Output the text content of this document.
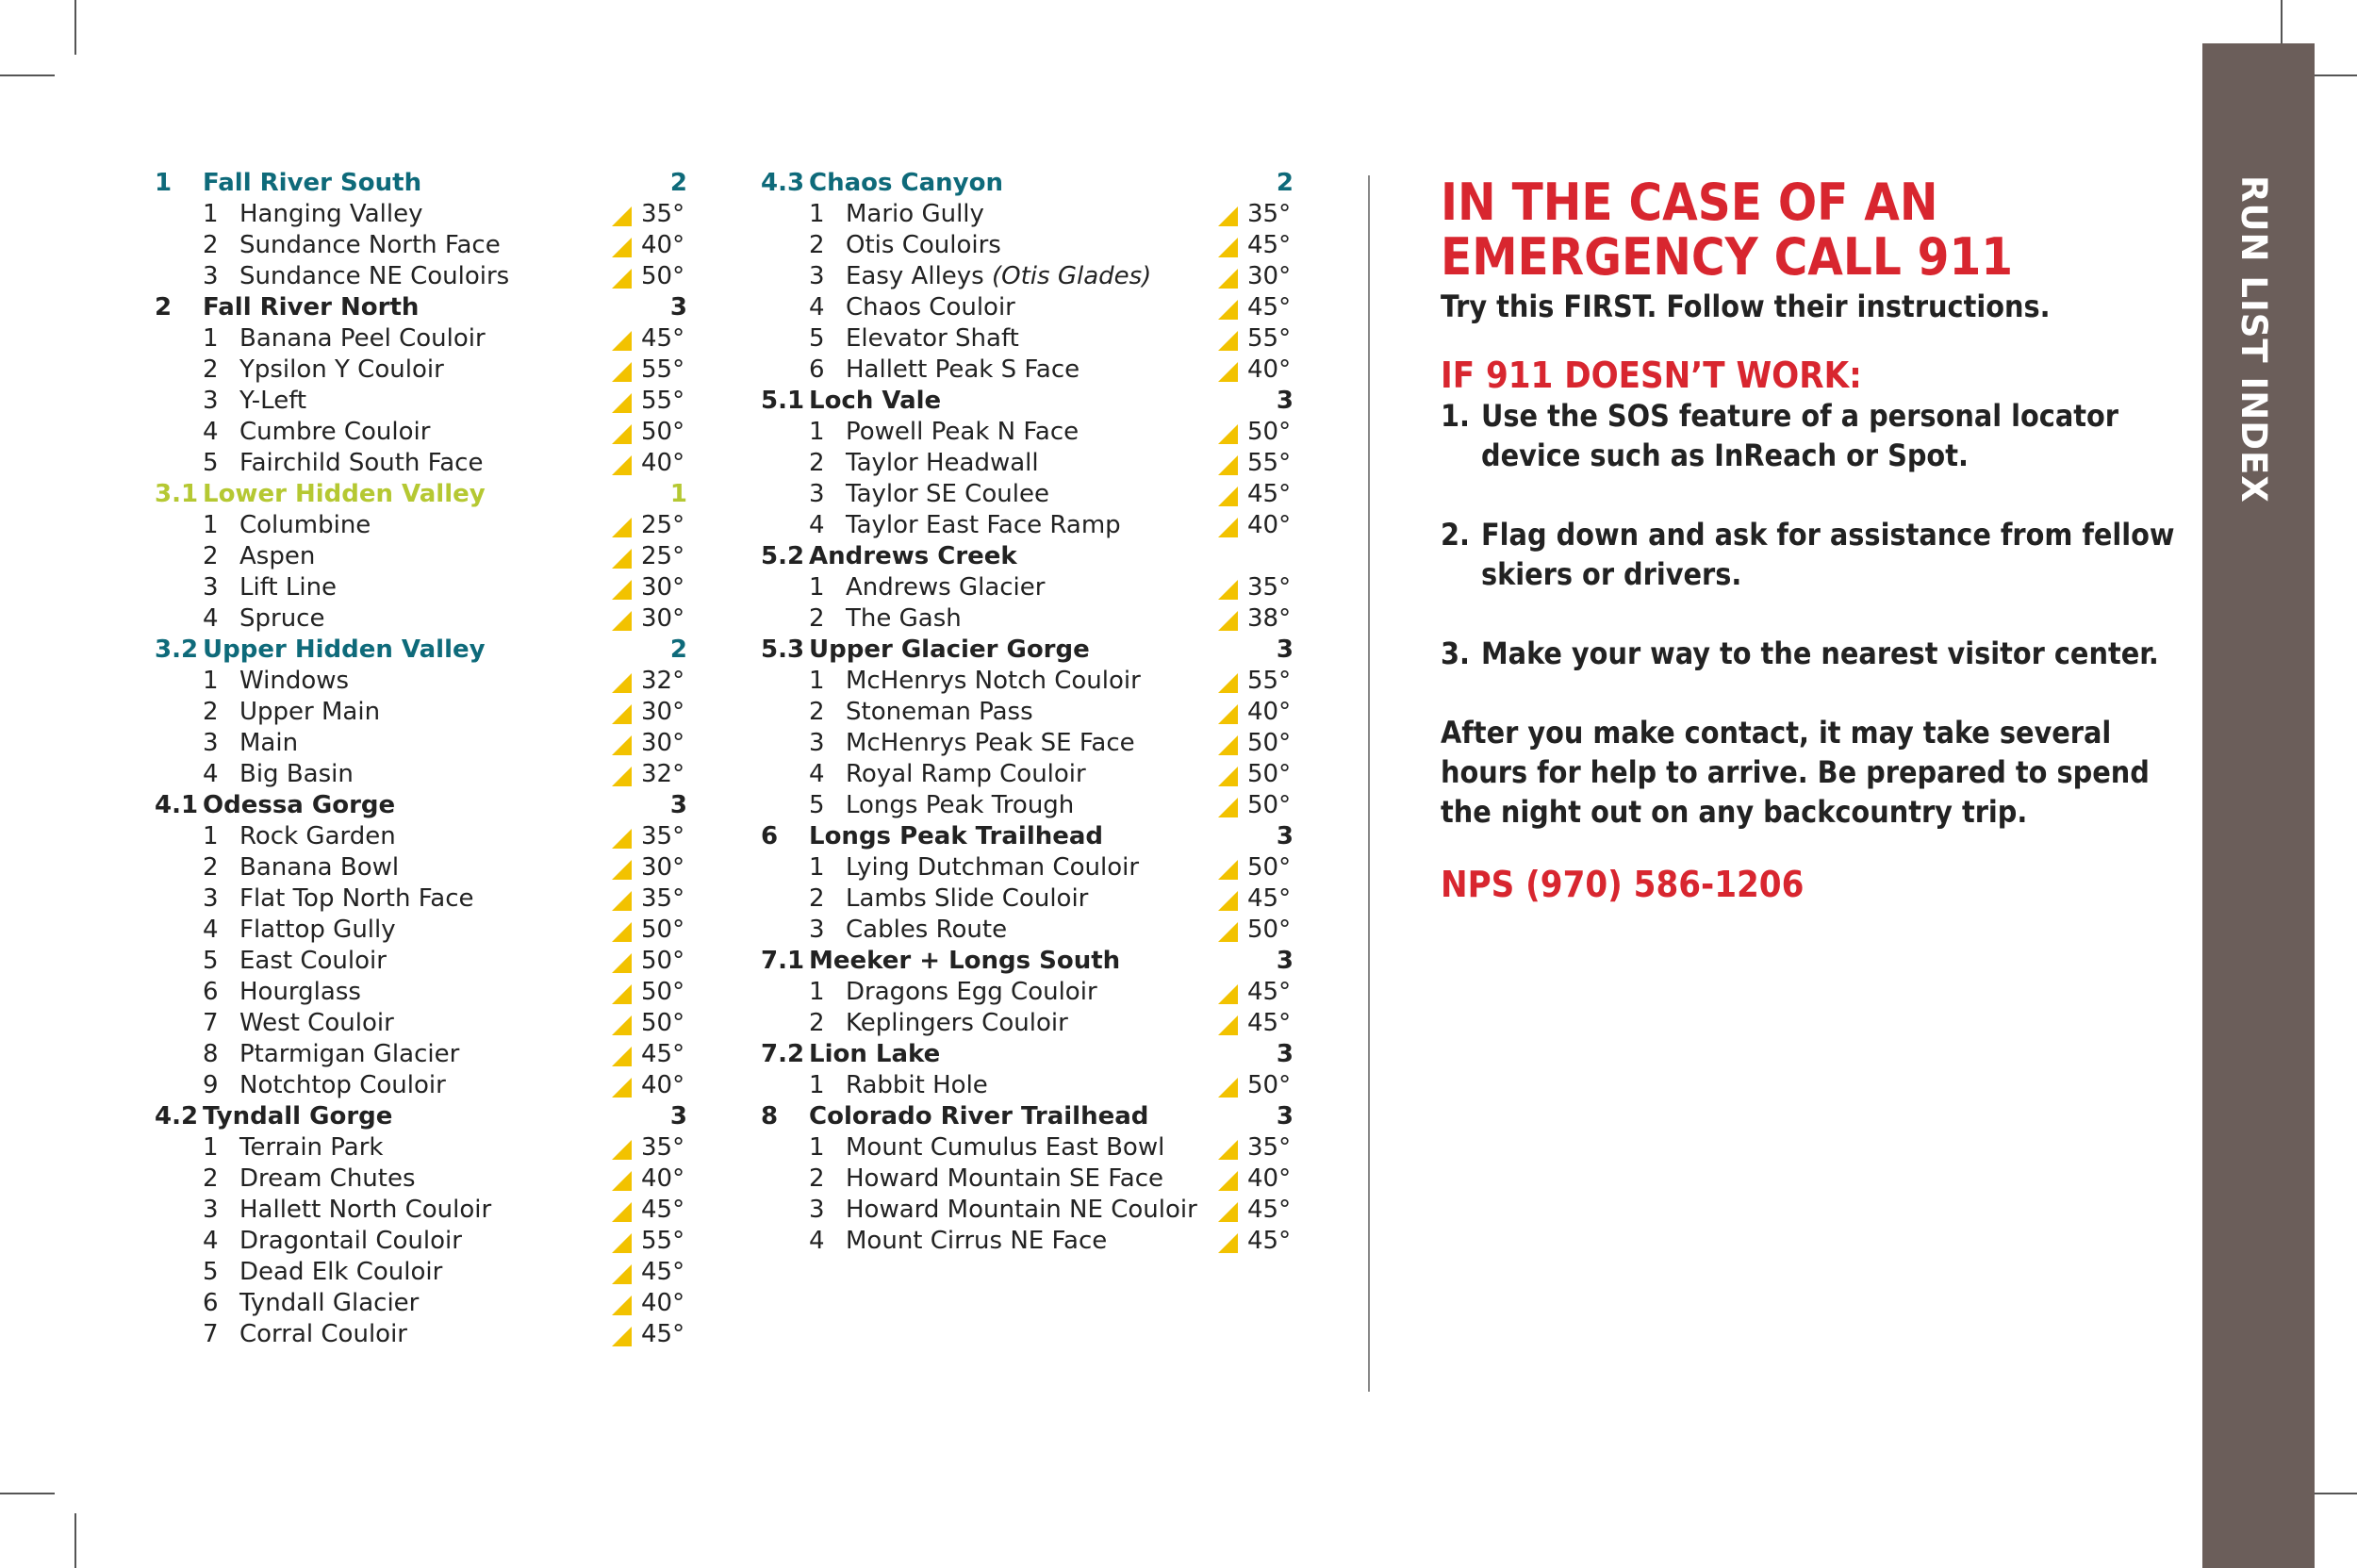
1 Fall River South	2
1 Hanging Valley	35°
2 Sundance North Face	40°
3 Sundance NE Couloirs	50°
2 Fall River North	3
1 Banana Peel Couloir	45°
2 Ypsilon Y Couloir	55°
3 Y-Left	55°
4 Cumbre Couloir	50°
5 Fairchild South Face	40°
3.1 Lower Hidden Valley	1
1 Columbine	25°
2 Aspen	25°
3 Lift Line	30°
4 Spruce	30°
3.2 Upper Hidden Valley	2
1 Windows	32°
2 Upper Main	30°
3 Main	30°
4 Big Basin	32°
4.1 Odessa Gorge	3
1 Rock Garden	35°
2 Banana Bowl	30°
3 Flat Top North Face	35°
4 Flattop Gully	50°
5 East Couloir	50°
6 Hourglass	50°
7 West Couloir	50°
8 Ptarmigan Glacier	45°
9 Notchtop Couloir	40°
4.2 Tyndall Gorge	3
1 Terrain Park	35°
2 Dream Chutes	40°
3 Hallett North Couloir	45°
4 Dragontail Couloir	55°
5 Dead Elk Couloir	45°
6 Tyndall Glacier	40°
7 Corral Couloir	45°
4.3 Chaos Canyon	2
1 Mario Gully	35°
2 Otis Couloirs	45°
3 Easy Alleys (Otis Glades)	30°
4 Chaos Couloir	45°
5 Elevator Shaft	55°
6 Hallett Peak S Face	40°
5.1 Loch Vale	3
1 Powell Peak N Face	50°
2 Taylor Headwall	55°
3 Taylor SE Coulee	45°
4 Taylor East Face Ramp	40°
5.2 Andrews Creek
1 Andrews Glacier	35°
2 The Gash	38°
5.3 Upper Glacier Gorge	3
1 McHenrys Notch Couloir	55°
2 Stoneman Pass	40°
3 McHenrys Peak SE Face	50°
4 Royal Ramp Couloir	50°
5 Longs Peak Trough	50°
6 Longs Peak Trailhead	3
1 Lying Dutchman Couloir	50°
2 Lambs Slide Couloir	45°
3 Cables Route	50°
7.1 Meeker + Longs South	3
1 Dragons Egg Couloir	45°
2 Keplingers Couloir	45°
7.2 Lion Lake	3
1 Rabbit Hole	50°
8 Colorado River Trailhead	3
1 Mount Cumulus East Bowl	35°
2 Howard Mountain SE Face	40°
3 Howard Mountain NE Couloir 45°
4 Mount Cirrus NE Face	45°
IN THE CASE OF AN
EMERGENCY CALL 911
Try this FIRST. Follow their instructions.
IF 911 DOESN’T WORK:
1. Use the SOS feature of a personal locator device such as InReach or Spot.
2. Flag down and ask for assistance from fellow skiers or drivers.
3. Make your way to the nearest visitor center.
After you make contact, it may take several hours for help to arrive. Be prepared to spend the night out on any backcountry trip.
NPS (970) 586-1206
RUN LIST INDEX
